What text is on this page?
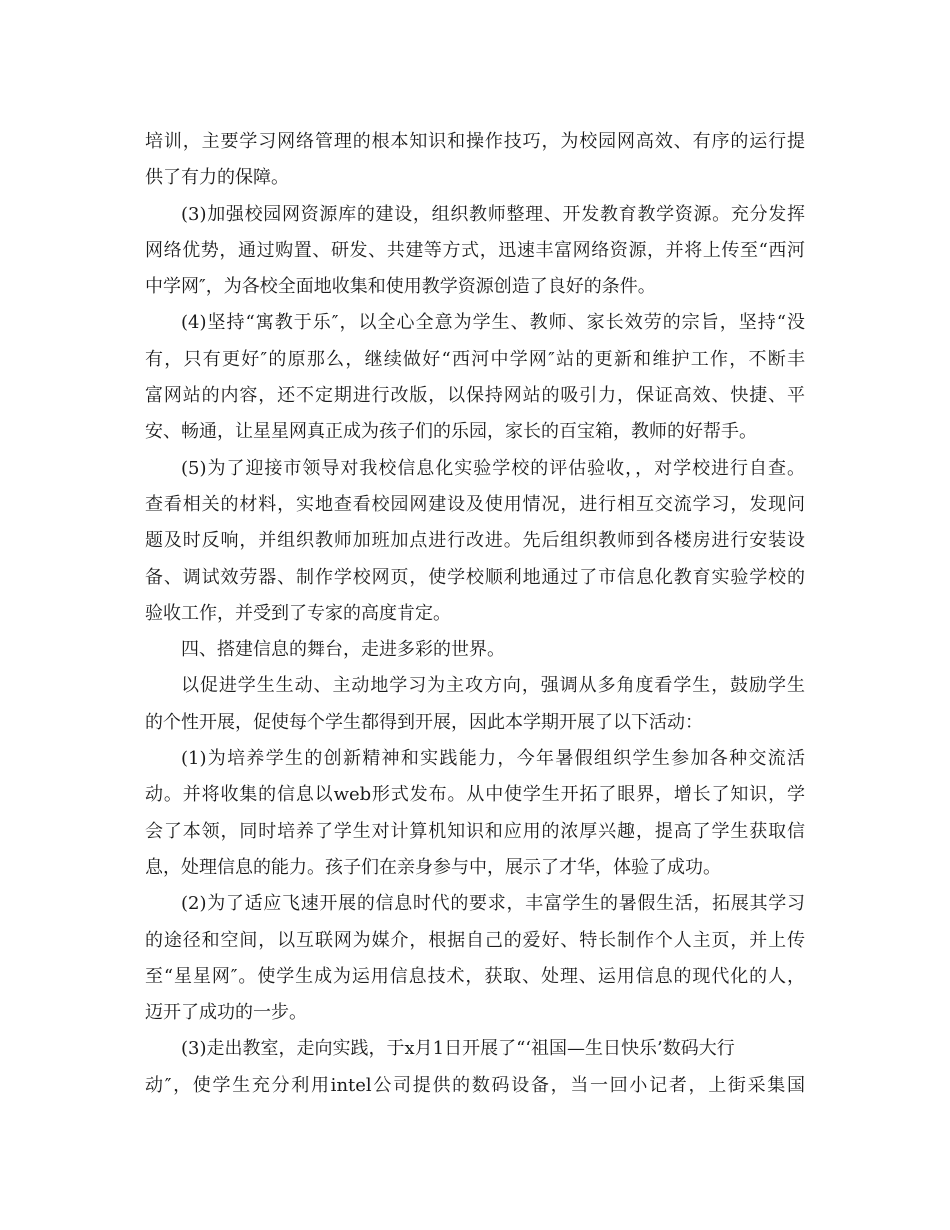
培训，主要学习网络管理的根本知识和操作技巧，为校园网高效、有序的运行提
供了有力的保障。
(3)加强校园网资源库的建设，组织教师整理、开发教育教学资源。充分发挥
网络优势，通过购置、研发、共建等方式，迅速丰富网络资源，并将上传至“西河
中学网″，为各校全面地收集和使用教学资源创造了良好的条件。
(4)坚持“寓教于乐″，以全心全意为学生、教师、家长效劳的宗旨，坚持“没
有，只有更好″的原那么，继续做好“西河中学网″站的更新和维护工作，不断丰
富网站的内容，还不定期进行改版，以保持网站的吸引力，保证高效、快捷、平
安、畅通，让星星网真正成为孩子们的乐园，家长的百宝箱，教师的好帮手。
(5)为了迎接市领导对我校信息化实验学校的评估验收，，对学校进行自查。
查看相关的材料，实地查看校园网建设及使用情况，进行相互交流学习，发现问
题及时反响，并组织教师加班加点进行改进。先后组织教师到各楼房进行安装设
备、调试效劳器、制作学校网页，使学校顺利地通过了市信息化教育实验学校的
验收工作，并受到了专家的高度肯定。
四、搭建信息的舞台，走进多彩的世界。
以促进学生生动、主动地学习为主攻方向，强调从多角度看学生，鼓励学生
的个性开展，促使每个学生都得到开展，因此本学期开展了以下活动：
(1)为培养学生的创新精神和实践能力，今年暑假组织学生参加各种交流活
动。并将收集的信息以web形式发布。从中使学生开拓了眼界，增长了知识，学
会了本领，同时培养了学生对计算机知识和应用的浓厚兴趣，提高了学生获取信
息，处理信息的能力。孩子们在亲身参与中，展示了才华，体验了成功。
(2)为了适应飞速开展的信息时代的要求，丰富学生的暑假生活，拓展其学习
的途径和空间，以互联网为媒介，根据自己的爱好、特长制作个人主页，并上传
至“星星网″。使学生成为运用信息技术，获取、处理、运用信息的现代化的人，
迈开了成功的一步。
(3)走出教室，走向实践，于x月1日开展了“‘祖国—生日快乐’数码大行
动″，使学生充分利用intel公司提供的数码设备，当一回小记者，上街采集国
